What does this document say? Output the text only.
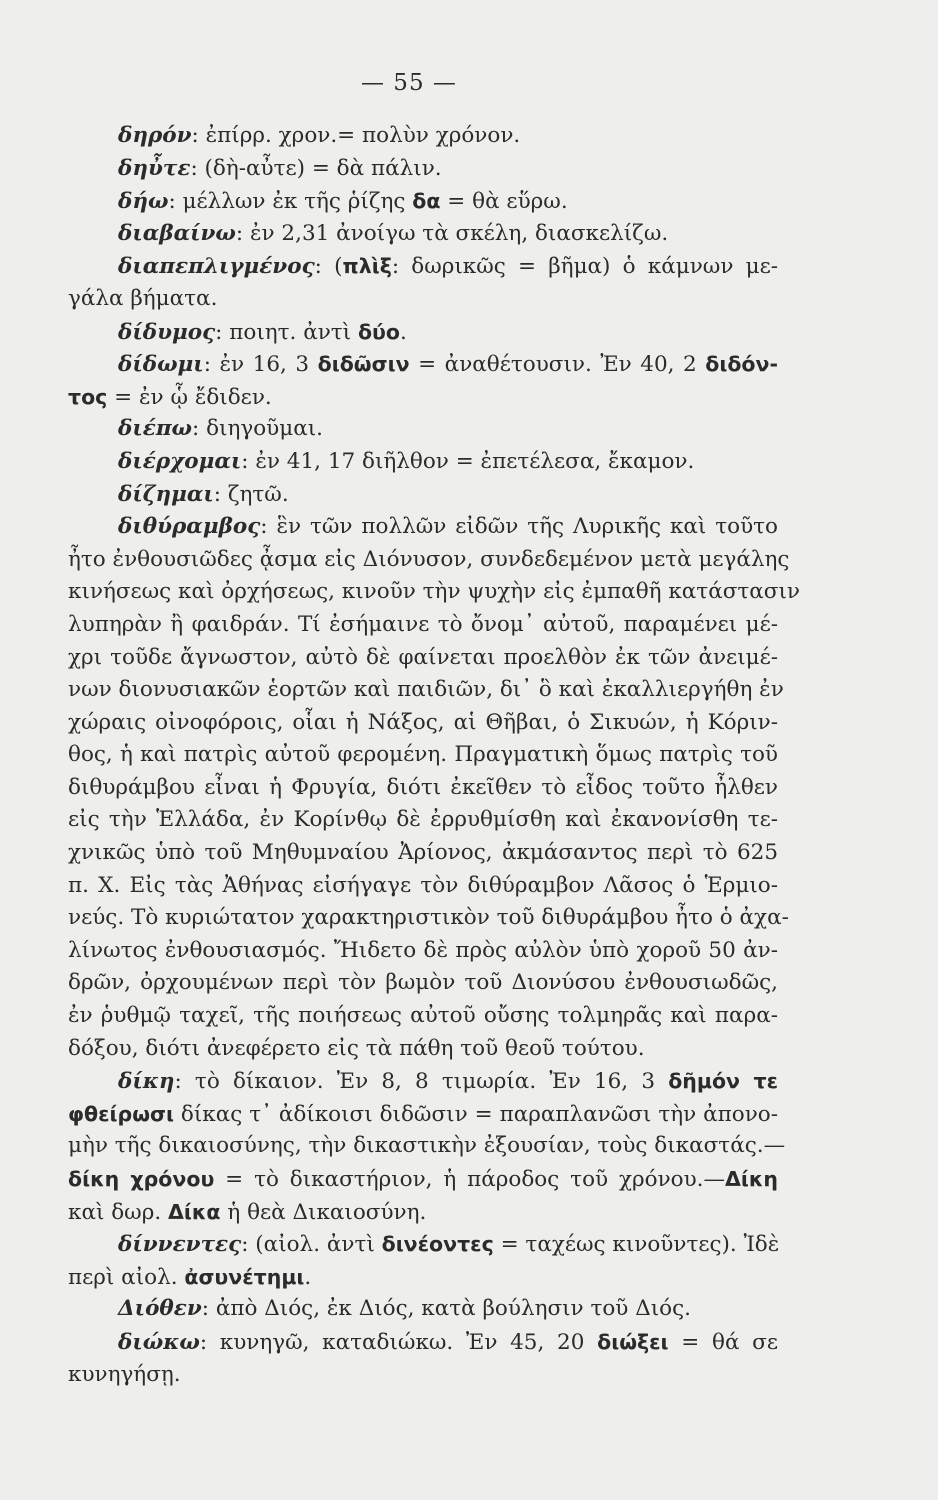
— 55 —
δηρόν: ἐπίρρ. χρον.= πολὺν χρόνον.
δηὖτε: (δὴ-αὖτε) = δὰ πάλιν.
δήω: μέλλων ἐκ τῆς ῥίζης δα = θὰ εὕρω.
διαβαίνω: ἐν 2,31 ἀνοίγω τὰ σκέλη, διασκελίζω.
διαπεπλιγμένος: (πλὶξ: δωρικῶς = βῆμα) ὁ κάμνων με-
γάλα βήματα.
δίδυμος: ποιητ. ἀντὶ δύο.
δίδωμι: ἐν 16, 3 διδῶσιν = ἀναθέτουσιν. Ἐν 40, 2 διδόν-
τος = ἐν ᾧ ἔδιδεν.
διέπω: διηγοῦμαι.
διέρχομαι: ἐν 41, 17 διῆλθον = ἐπετέλεσα, ἔκαμον.
δίζημαι: ζητῶ.
διθύραμβος: ἓν τῶν πολλῶν εἰδῶν τῆς Λυρικῆς καὶ τοῦτο
ἦτο ἐνθουσιῶδες ᾆσμα εἰς Διόνυσον, συνδεδεμένον μετὰ μεγάλης
κινήσεως καὶ ὀρχήσεως, κινοῦν τὴν ψυχὴν εἰς ἐμπαθῆ κατάστασιν
λυπηρὰν ἢ φαιδράν. Τί ἐσήμαινε τὸ ὄνομ᾽ αὐτοῦ, παραμένει μέ-
χρι τοῦδε ἄγνωστον, αὐτὸ δὲ φαίνεται προελθὸν ἐκ τῶν ἀνειμέ-
νων διονυσιακῶν ἑορτῶν καὶ παιδιῶν, δι᾽ ὃ καὶ ἐκαλλιεργήθη ἐν
χώραις οἰνοφόροις, οἷαι ἡ Νάξος, αἱ Θῆβαι, ὁ Σικυών, ἡ Κόριν-
θος, ἡ καὶ πατρὶς αὐτοῦ φερομένη. Πραγματικὴ ὅμως πατρὶς τοῦ
διθυράμβου εἶναι ἡ Φρυγία, διότι ἐκεῖθεν τὸ εἶδος τοῦτο ἦλθεν
εἰς τὴν Ἑλλάδα, ἐν Κορίνθῳ δὲ ἐρρυθμίσθη καὶ ἐκανονίσθη τε-
χνικῶς ὑπὸ τοῦ Μηθυμναίου Ἀρίονος, ἀκμάσαντος περὶ τὸ 625
π. Χ. Εἰς τὰς Ἀθήνας εἰσήγαγε τὸν διθύραμβον Λᾶσος ὁ Ἑρμιο-
νεύς. Τὸ κυριώτατον χαρακτηριστικὸν τοῦ διθυράμβου ἦτο ὁ ἀχα-
λίνωτος ἐνθουσιασμός. Ἤιδετο δὲ πρὸς αὐλὸν ὑπὸ χοροῦ 50 ἀν-
δρῶν, ὀρχουμένων περὶ τὸν βωμὸν τοῦ Διονύσου ἐνθουσιωδῶς,
ἐν ῥυθμῷ ταχεῖ, τῆς ποιήσεως αὐτοῦ οὔσης τολμηρᾶς καὶ παρα-
δόξου, διότι ἀνεφέρετο εἰς τὰ πάθη τοῦ θεοῦ τούτου.
δίκη: τὸ δίκαιον. Ἐν 8, 8 τιμωρία. Ἐν 16, 3 δῆμόν τε
φθείρωσι δίκας τ᾽ ἀδίκοισι διδῶσιν = παραπλανῶσι τὴν ἀπονο-
μὴν τῆς δικαιοσύνης, τὴν δικαστικὴν ἐξουσίαν, τοὺς δικαστάς.—
δίκη χρόνου = τὸ δικαστήριον, ἡ πάροδος τοῦ χρόνου.—Δίκη
καὶ δωρ. Δίκα ἡ θεὰ Δικαιοσύνη.
δίννεντες: (αἰολ. ἀντὶ δινέοντες = ταχέως κινοῦντες). Ἰδὲ
περὶ αἰολ. ἀσυνέτημι.
Διόθεν: ἀπὸ Διός, ἐκ Διός, κατὰ βούλησιν τοῦ Διός.
διώκω: κυνηγῶ, καταδιώκω. Ἐν 45, 20 διώξει = θά σε
κυνηγήσῃ.
